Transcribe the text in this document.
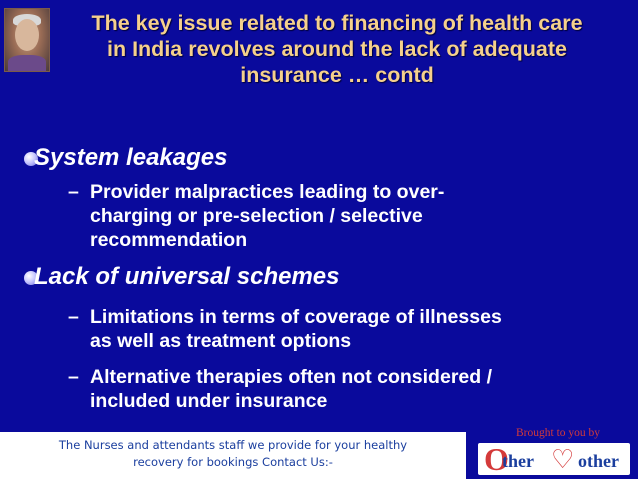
The key issue related to financing of health care
in India revolves around the lack of adequate
insurance … contd
System leakages
– Provider malpractices leading to over-
charging or pre-selection / selective
recommendation
Lack of universal schemes
– Limitations in terms of coverage of illnesses
as well as treatment options
– Alternative therapies often not considered /
included under insurance
Brought to you by
The Nurses and attendants staff we provide for your healthy
recovery for bookings Contact Us:-	O
ther ♡ other
